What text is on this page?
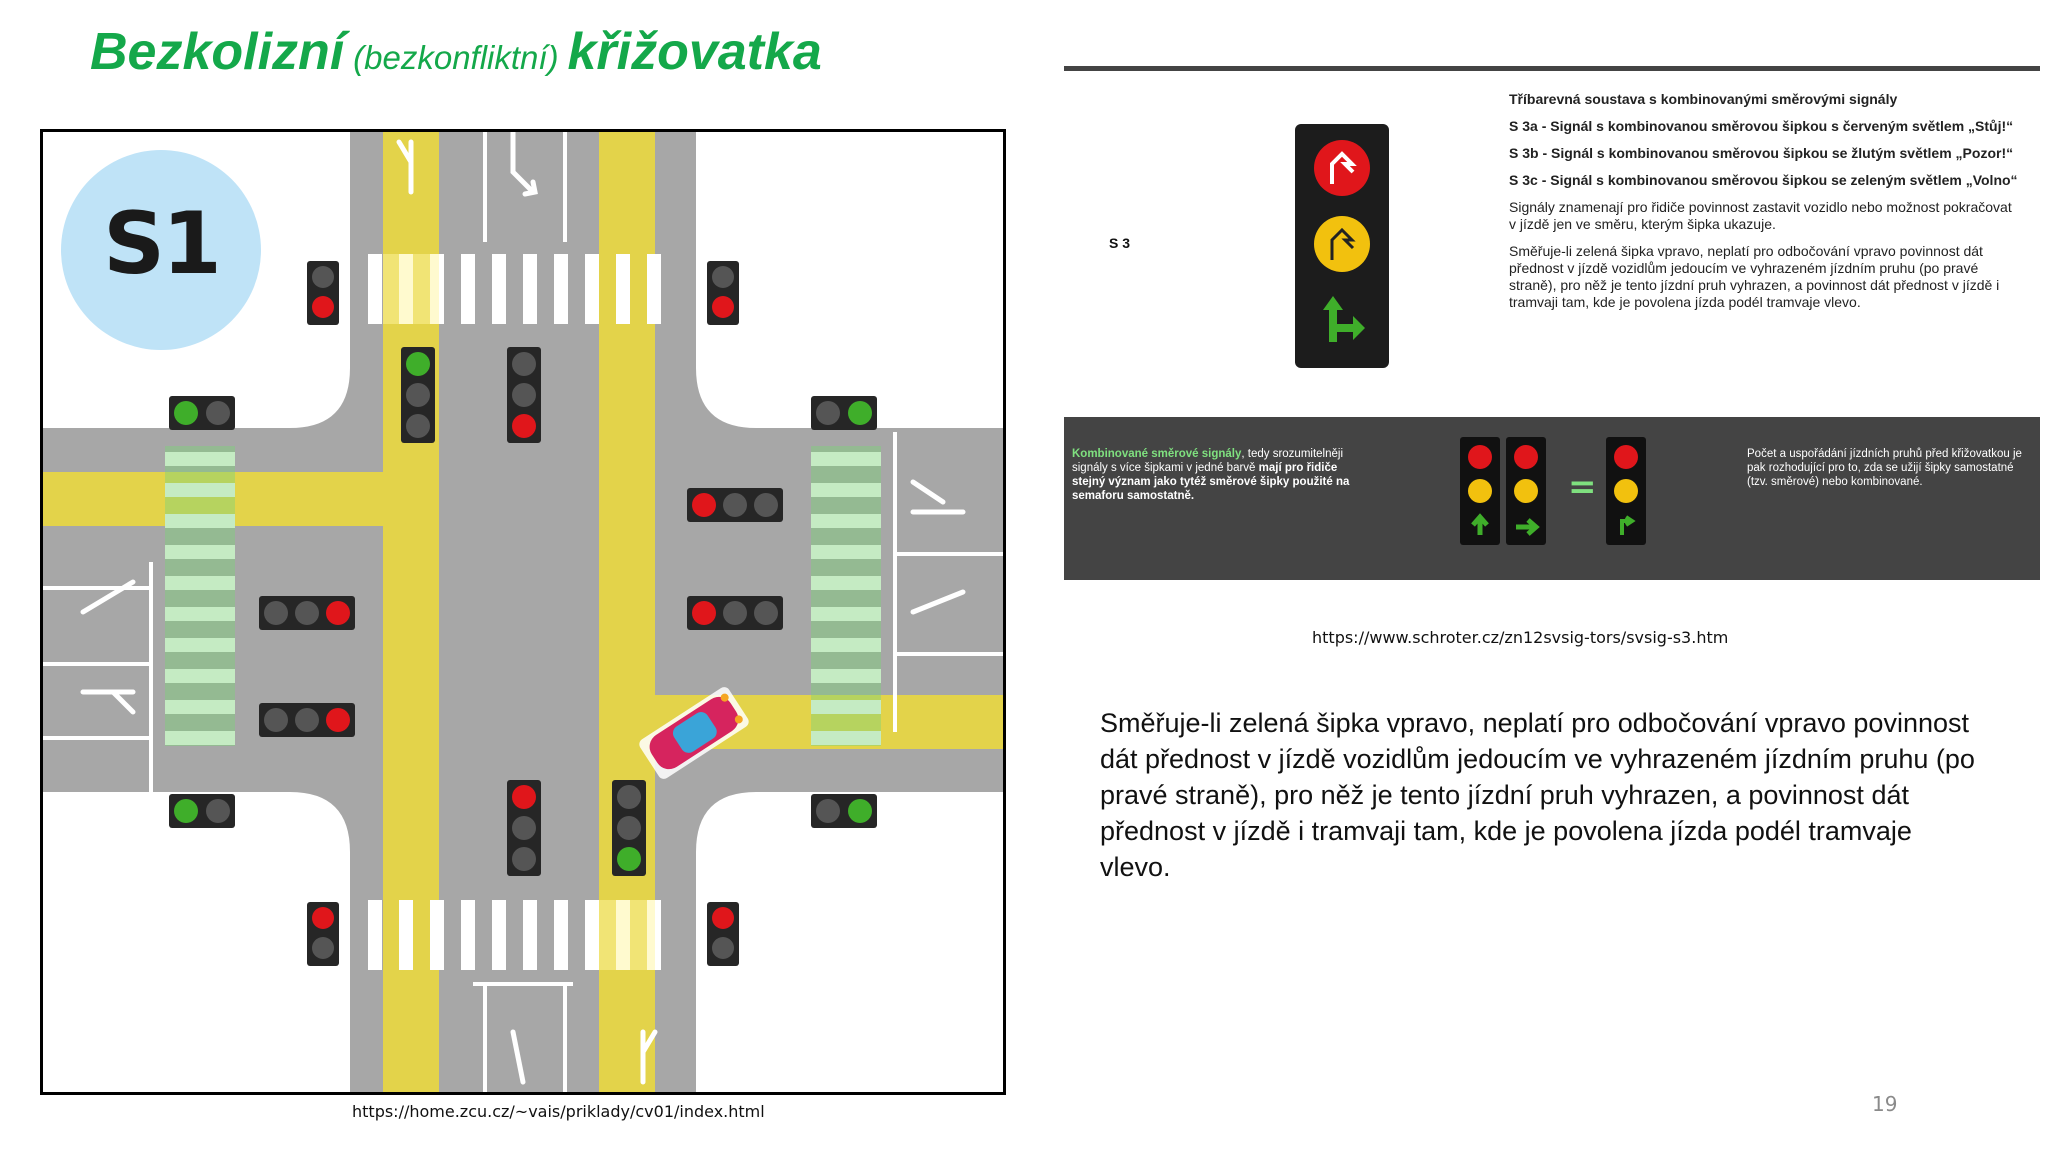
Bezkolizní (bezkonfliktní) křižovatka
S1
https://home.zcu.cz/~vais/priklady/cv01/index.html
S 3

Tříbarevná soustava s kombinovanými směrovými signály

S 3a - Signál s kombinovanou směrovou šipkou s červeným světlem „Stůj!“

S 3b - Signál s kombinovanou směrovou šipkou se žlutým světlem „Pozor!“

S 3c - Signál s kombinovanou směrovou šipkou se zeleným světlem „Volno“

Signály znamenají pro řidiče povinnost zastavit vozidlo nebo možnost pokračovat v jízdě jen ve směru, kterým šipka ukazuje.

Směřuje-li zelená šipka vpravo, neplatí pro odbočování vpravo povinnost dát přednost v jízdě vozidlům jedoucím ve vyhrazeném jízdním pruhu (po pravé straně), pro něž je tento jízdní pruh vyhrazen, a povinnost dát přednost v jízdě i tramvaji tam, kde je povolena jízda podél tramvaje vlevo.

Kombinované směrové signály, tedy srozumitelněji signály s více šipkami v jedné barvě mají pro řidiče stejný význam jako tytéž směrové šipky použité na semaforu samostatně.	=
Počet a uspořádání jízdních pruhů před křižovatkou je pak rozhodující pro to, zda se užijí šipky samostatné (tzv. směrové) nebo kombinované.
https://www.schroter.cz/zn12svsig-tors/svsig-s3.htm

Směřuje-li zelená šipka vpravo, neplatí pro odbočování vpravo povinnost dát přednost v jízdě vozidlům jedoucím ve vyhrazeném jízdním pruhu (po pravé straně), pro něž je tento jízdní pruh vyhrazen, a povinnost dát přednost v jízdě i tramvaji tam, kde je povolena jízda podél tramvaje vlevo.

19
